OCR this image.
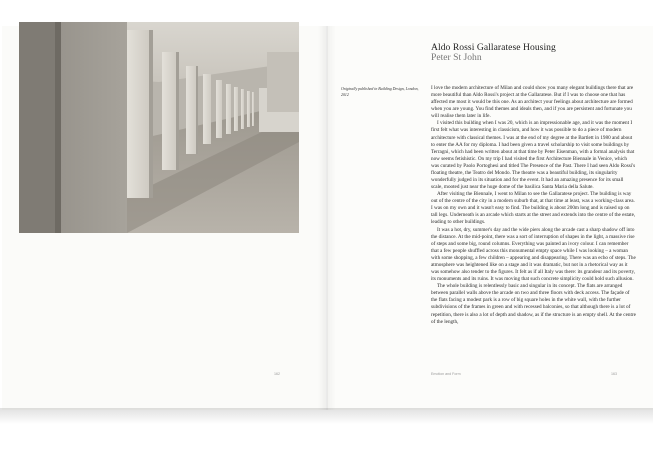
162
Aldo Rossi Gallaratese Housing
Peter St John
Originally published in Building Design, London, 2012

I love the modern architecture of Milan and could show you many elegant buildings there that are more beautiful than Aldo Rossi's project at the Gallaratese. But if I was to choose one that has affected me most it would be this one. As an architect your feelings about architecture are formed when you are young. You find themes and ideals then, and if you are persistent and fortunate you will realise them later in life.

I visited this building when I was 20, which is an impressionable age, and it was the moment I first felt what was interesting in classicism, and how it was possible to do a piece of modern architecture with classical themes. I was at the end of my degree at the Bartlett in 1980 and about to enter the AA for my diploma. I had been given a travel scholarship to visit some buildings by Terragni, which had been written about at that time by Peter Eisenman, with a formal analysis that now seems fetishistic. On my trip I had visited the first Architecture Biennale in Venice, which was curated by Paolo Portoghesi and titled The Presence of the Past. There I had seen Aldo Rossi's floating theatre, the Teatro del Mondo. The theatre was a beautiful building, its singularity wonderfully judged in its situation and for the event. It had an amazing presence for its small scale, mooted just near the huge dome of the basilica Santa Maria della Salute.

After visiting the Biennale, I went to Milan to see the Gallaratese project. The building is way out of the centre of the city in a modern suburb that, at that time at least, was a working-class area. I was on my own and it wasn't easy to find. The building is about 200m long and is raised up on tall legs. Underneath is an arcade which starts at the street and extends into the centre of the estate, leading to other buildings.

It was a hot, dry, summer's day and the wide piers along the arcade cast a sharp shadow off into the distance. At the mid-point, there was a sort of interruption of shapes in the light, a massive rise of steps and some big, round columns. Everything was painted an ivory colour. I can remember that a few people shuffled across this monumental empty space while I was looking – a woman with some shopping, a few children – appearing and disappearing. There was an echo of steps. The atmosphere was heightened like on a stage and it was dramatic, but not in a rhetorical way as it was somehow also tender to the figures. It felt as if all Italy was there: its grandeur and its poverty, its monuments and its ruins. It was moving that such concrete simplicity could hold such allusion.

The whole building is relentlessly basic and singular in its concept. The flats are arranged between parallel walls above the arcade on two and three floors with deck access. The façade of the flats facing a modest park is a row of big square holes in the white wall, with the further subdivisions of the frames in green and with recessed balconies, so that although there is a lot of repetition, there is also a lot of depth and shadow, as if the structure is an empty shell. At the centre of the length,

Emotion and Form	163
